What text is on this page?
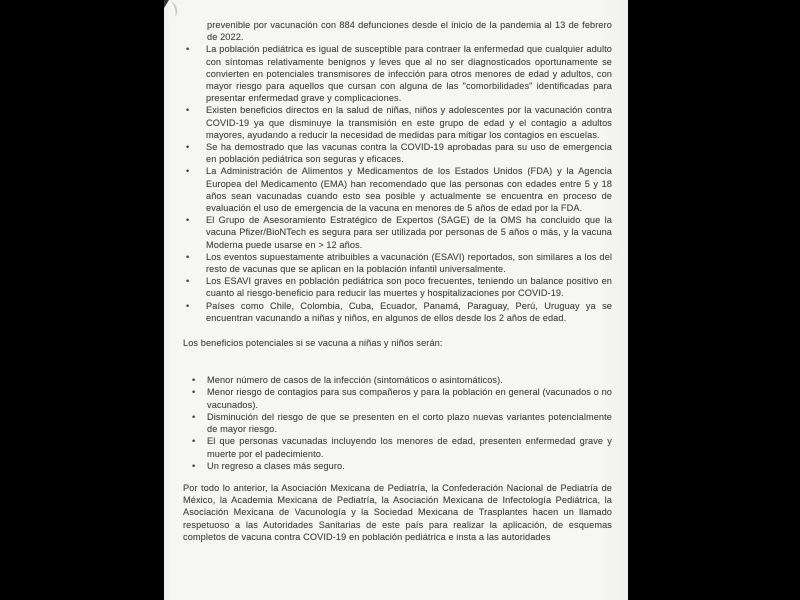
prevenible por vacunación con 884 defunciones desde el inicio de la pandemia al 13 de febrero de 2022.

• La población pediátrica es igual de susceptible para contraer la enfermedad que cualquier adulto con síntomas relativamente benignos y leves que al no ser diagnosticados oportunamente se convierten en potenciales transmisores de infección para otros menores de edad y adultos, con mayor riesgo para aquellos que cursan con alguna de las "comorbilidades" identificadas para presentar enfermedad grave y complicaciones.
• Existen beneficios directos en la salud de niñas, niños y adolescentes por la vacunación contra COVID-19 ya que disminuye la transmisión en este grupo de edad y el contagio a adultos mayores, ayudando a reducir la necesidad de medidas para mitigar los contagios en escuelas.
• Se ha demostrado que las vacunas contra la COVID-19 aprobadas para su uso de emergencia en población pediátrica son seguras y eficaces.
• La Administración de Alimentos y Medicamentos de los Estados Unidos (FDA) y la Agencia Europea del Medicamento (EMA) han recomendado que las personas con edades entre 5 y 18 años sean vacunadas cuando esto sea posible y actualmente se encuentra en proceso de evaluación el uso de emergencia de la vacuna en menores de 5 años de edad por la FDA.
• El Grupo de Asesoramiento Estratégico de Expertos (SAGE) de la OMS ha concluido que la vacuna Pfizer/BioNTech es segura para ser utilizada por personas de 5 años o más, y la vacuna Moderna puede usarse en > 12 años.
• Los eventos supuestamente atribuibles a vacunación (ESAVI) reportados, son similares a los del resto de vacunas que se aplican en la población infantil universalmente.
• Los ESAVI graves en población pediátrica son poco frecuentes, teniendo un balance positivo en cuanto al riesgo-beneficio para reducir las muertes y hospitalizaciones por COVID-19.
• Países como Chile, Colombia, Cuba, Ecuador, Panamá, Paraguay, Perú, Uruguay ya se encuentran vacunando a niñas y niños, en algunos de ellos desde los 2 años de edad.

Los beneficios potenciales si se vacuna a niñas y niños serán:

• Menor número de casos de la infección (sintomáticos o asintomáticos).
• Menor riesgo de contagios para sus compañeros y para la población en general (vacunados o no vacunados).
• Disminución del riesgo de que se presenten en el corto plazo nuevas variantes potencialmente de mayor riesgo.
• El que personas vacunadas incluyendo los menores de edad, presenten enfermedad grave y muerte por el padecimiento.
• Un regreso a clases más seguro.

Por todo lo anterior, la Asociación Mexicana de Pediatría, la Confederación Nacional de Pediatría de México, la Academia Mexicana de Pediatría, la Asociación Mexicana de Infectología Pediátrica, la Asociación Mexicana de Vacunología y la Sociedad Mexicana de Trasplantes hacen un llamado respetuoso a las Autoridades Sanitarias de este país para realizar la aplicación, de esquemas completos de vacuna contra COVID-19 en población pediátrica e insta a las autoridades
